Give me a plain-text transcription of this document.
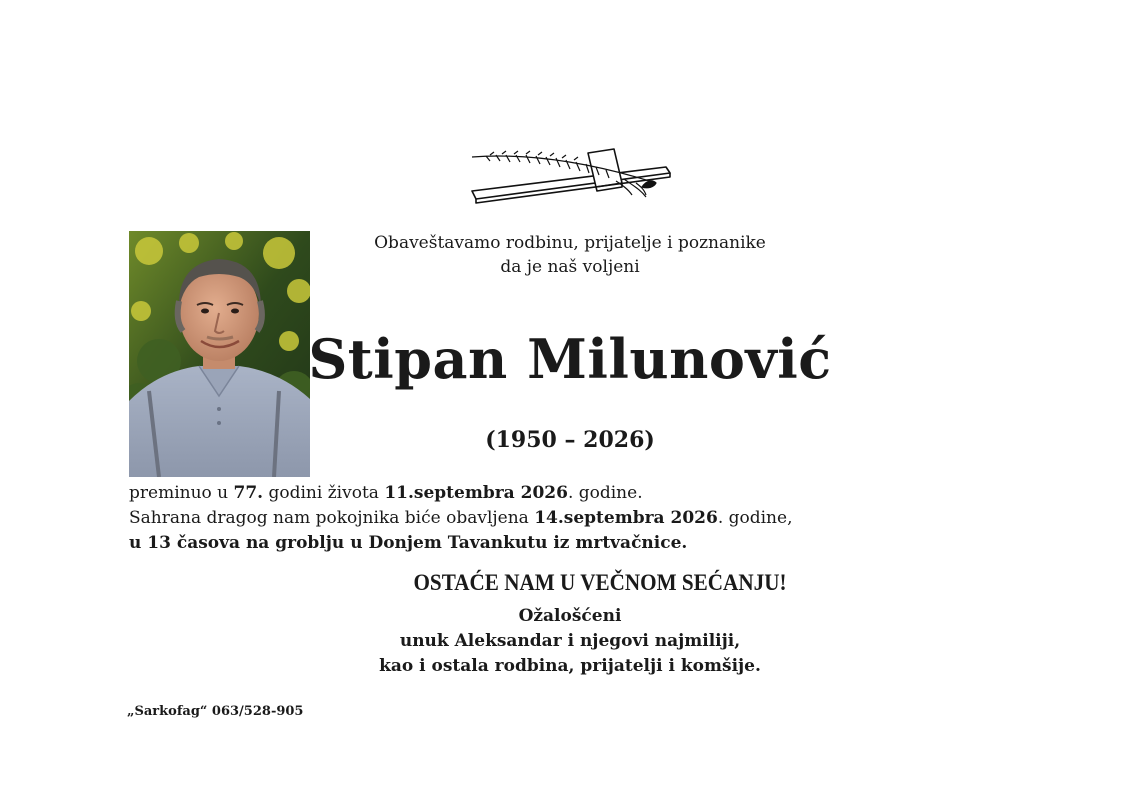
Obaveštavamo rodbinu, prijatelje i poznanike
da je naš voljeni
Stipan Milunović
(1950 – 2026)
preminuo u 77. godini života 11.septembra 2026. godine.
Sahrana dragog nam pokojnika biće obavljena 14.septembra 2026. godine,
u 13 časova na groblju u Donjem Tavankutu iz mrtvačnice.
OSTAĆE NAM U VEČNOM SEĆANJU!
Ožalošćeni
unuk Aleksandar i njegovi najmiliji,
kao i ostala rodbina, prijatelji i komšije.
„Sarkofag“ 063/528-905
